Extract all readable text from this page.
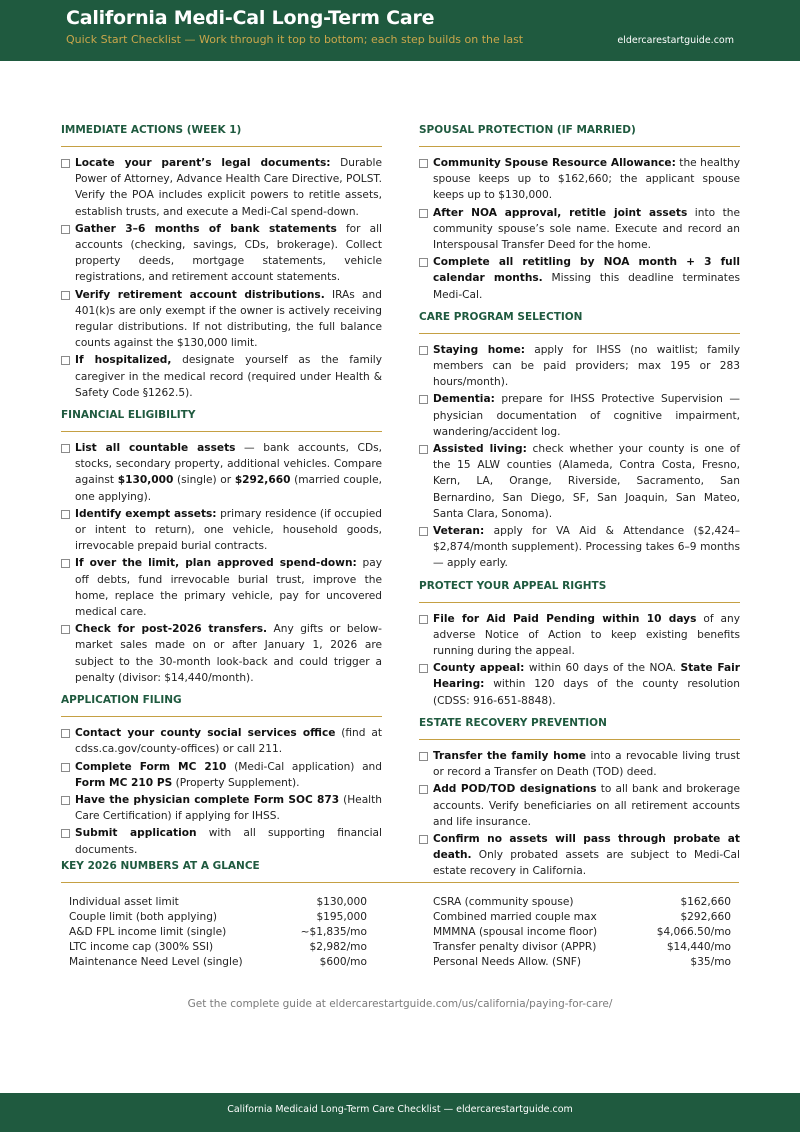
California Medi-Cal Long-Term Care
Quick Start Checklist — Work through it top to bottom; each step builds on the last	eldercarestartguide.com
IMMEDIATE ACTIONS (WEEK 1)
Locate your parent’s legal documents: Durable Power of Attorney, Advance Health Care Directive, POLST. Verify the POA includes explicit powers to retitle assets, establish trusts, and execute a Medi-Cal spend-down.
Gather 3–6 months of bank statements for all accounts (checking, savings, CDs, brokerage). Collect property deeds, mortgage statements, vehicle registrations, and retirement account statements.
Verify retirement account distributions. IRAs and 401(k)s are only exempt if the owner is actively receiving regular distributions. If not distributing, the full balance counts against the $130,000 limit.
If hospitalized, designate yourself as the family caregiver in the medical record (required under Health & Safety Code §1262.5).
FINANCIAL ELIGIBILITY
List all countable assets — bank accounts, CDs, stocks, secondary property, additional vehicles. Compare against $130,000 (single) or $292,660 (married couple, one applying).
Identify exempt assets: primary residence (if occupied or intent to return), one vehicle, household goods, irrevocable prepaid burial contracts.
If over the limit, plan approved spend-down: pay off debts, fund irrevocable burial trust, improve the home, replace the primary vehicle, pay for uncovered medical care.
Check for post-2026 transfers. Any gifts or below-market sales made on or after January 1, 2026 are subject to the 30-month look-back and could trigger a penalty (divisor: $14,440/month).
APPLICATION FILING
Contact your county social services office (find at cdss.ca.gov/county-offices) or call 211.
Complete Form MC 210 (Medi-Cal application) and Form MC 210 PS (Property Supplement).
Have the physician complete Form SOC 873 (Health Care Certification) if applying for IHSS.
Submit application with all supporting financial documents.
SPOUSAL PROTECTION (IF MARRIED)
Community Spouse Resource Allowance: the healthy spouse keeps up to $162,660; the applicant spouse keeps up to $130,000.
After NOA approval, retitle joint assets into the community spouse’s sole name. Execute and record an Interspousal Transfer Deed for the home.
Complete all retitling by NOA month + 3 full calendar months. Missing this deadline terminates Medi-Cal.
CARE PROGRAM SELECTION
Staying home: apply for IHSS (no waitlist; family members can be paid providers; max 195 or 283 hours/month).
Dementia: prepare for IHSS Protective Supervision — physician documentation of cognitive impairment, wandering/accident log.
Assisted living: check whether your county is one of the 15 ALW counties (Alameda, Contra Costa, Fresno, Kern, LA, Orange, Riverside, Sacramento, San Bernardino, San Diego, SF, San Joaquin, San Mateo, Santa Clara, Sonoma).
Veteran: apply for VA Aid & Attendance ($2,424–$2,874/month supplement). Processing takes 6–9 months — apply early.
PROTECT YOUR APPEAL RIGHTS
File for Aid Paid Pending within 10 days of any adverse Notice of Action to keep existing benefits running during the appeal.
County appeal: within 60 days of the NOA. State Fair Hearing: within 120 days of the county resolution (CDSS: 916-651-8848).
ESTATE RECOVERY PREVENTION
Transfer the family home into a revocable living trust or record a Transfer on Death (TOD) deed.
Add POD/TOD designations to all bank and brokerage accounts. Verify beneficiaries on all retirement accounts and life insurance.
Confirm no assets will pass through probate at death. Only probated assets are subject to Medi-Cal estate recovery in California.
KEY 2026 NUMBERS AT A GLANCE
Individual asset limit	$130,000
Couple limit (both applying)	$195,000
A&D FPL income limit (single)	~$1,835/mo
LTC income cap (300% SSI)	$2,982/mo
Maintenance Need Level (single)	$600/mo
CSRA (community spouse)	$162,660
Combined married couple max	$292,660
MMMNA (spousal income floor)	$4,066.50/mo
Transfer penalty divisor (APPR)	$14,440/mo
Personal Needs Allow. (SNF)	$35/mo
Get the complete guide at eldercarestartguide.com/us/california/paying-for-care/
California Medicaid Long-Term Care Checklist — eldercarestartguide.com
